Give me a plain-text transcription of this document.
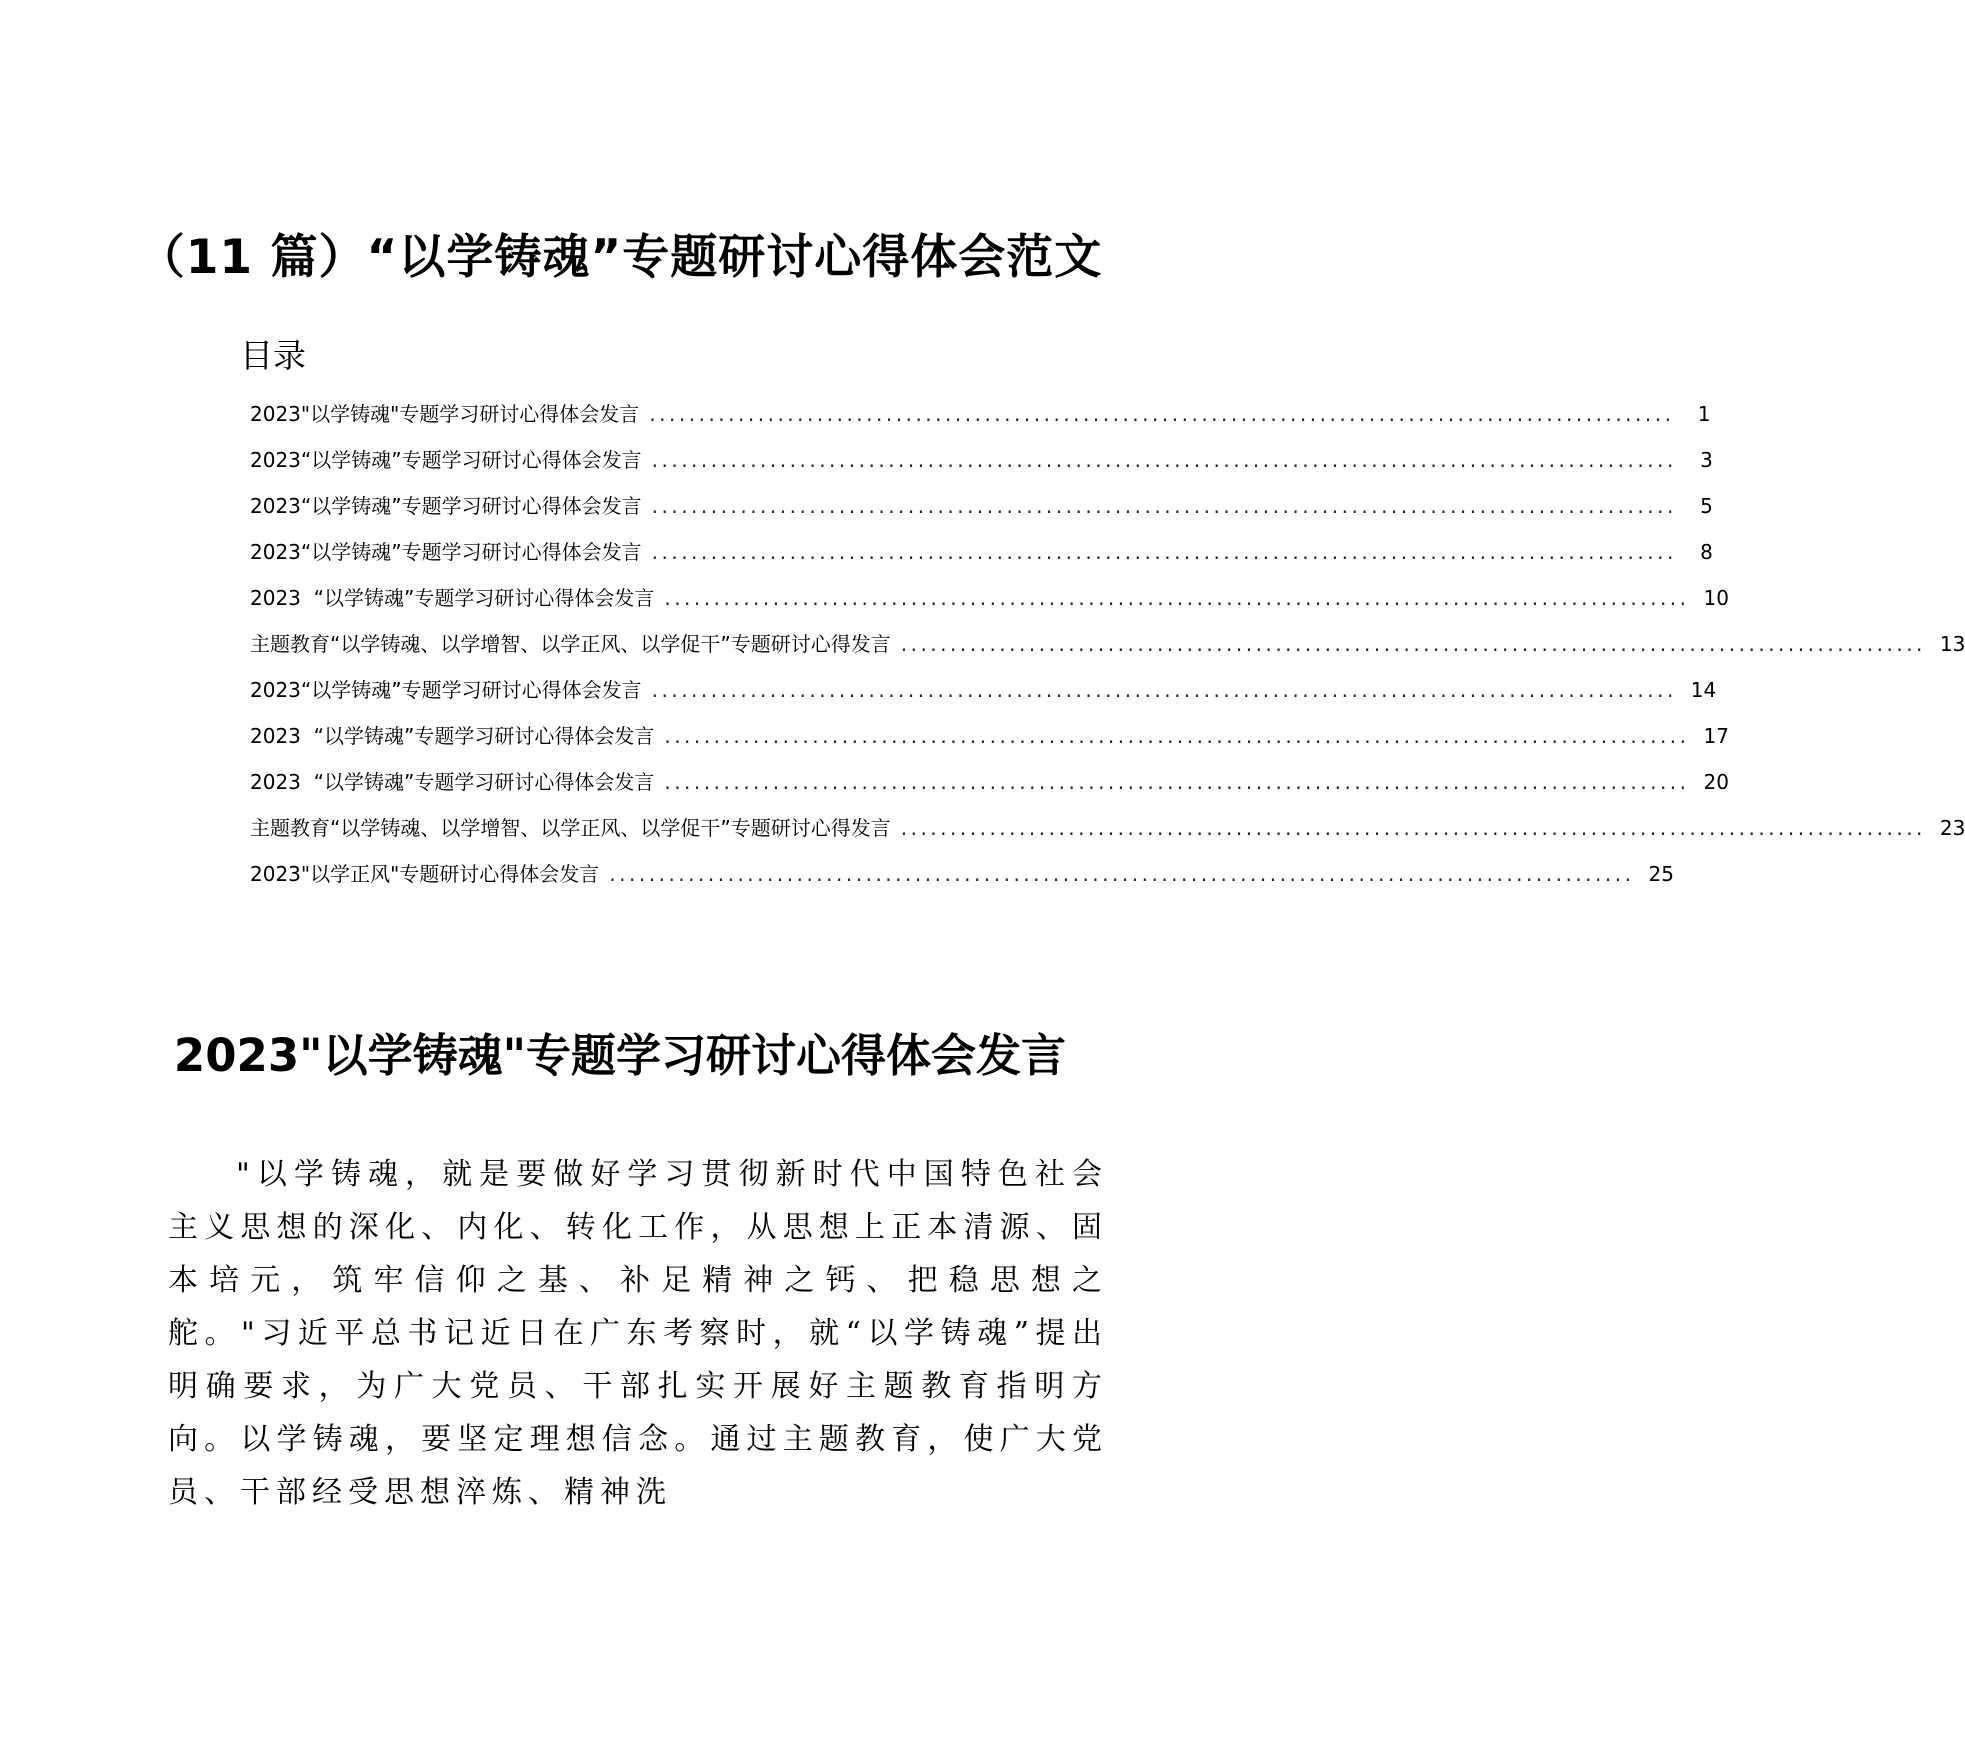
（11 篇）“以学铸魂”专题研讨心得体会范文
目录
2023"以学铸魂"专题学习研讨心得体会发言 ........................................................................................................	1
2023“以学铸魂”专题学习研讨心得体会发言 ........................................................................................................	3
2023“以学铸魂”专题学习研讨心得体会发言 ........................................................................................................	5
2023“以学铸魂”专题学习研讨心得体会发言 ........................................................................................................	8
2023  “以学铸魂”专题学习研讨心得体会发言 ........................................................................................................ 10
主题教育“以学铸魂、以学增智、以学正风、以学促干”专题研讨心得发言 ........................................................................................................ 13
2023“以学铸魂”专题学习研讨心得体会发言 ........................................................................................................ 14
2023  “以学铸魂”专题学习研讨心得体会发言 ........................................................................................................ 17
2023  “以学铸魂”专题学习研讨心得体会发言 ........................................................................................................ 20
主题教育“以学铸魂、以学增智、以学正风、以学促干”专题研讨心得发言 ........................................................................................................ 23
2023"以学正风"专题研讨心得体会发言 ........................................................................................................ 25
2023"以学铸魂"专题学习研讨心得体会发言

"以学铸魂，就是要做好学习贯彻新时代中国特色社会主义思想的深化、内化、转化工作，从思想上正本清源、固本培元，筑牢信仰之基、补足精神之钙、把稳思想之舵。"习近平总书记近日在广东考察时，就“以学铸魂”提出明确要求，为广大党员、干部扎实开展好主题教育指明方向。以学铸魂，要坚定理想信念。通过主题教育，使广大党员、干部经受思想淬炼、精神洗
